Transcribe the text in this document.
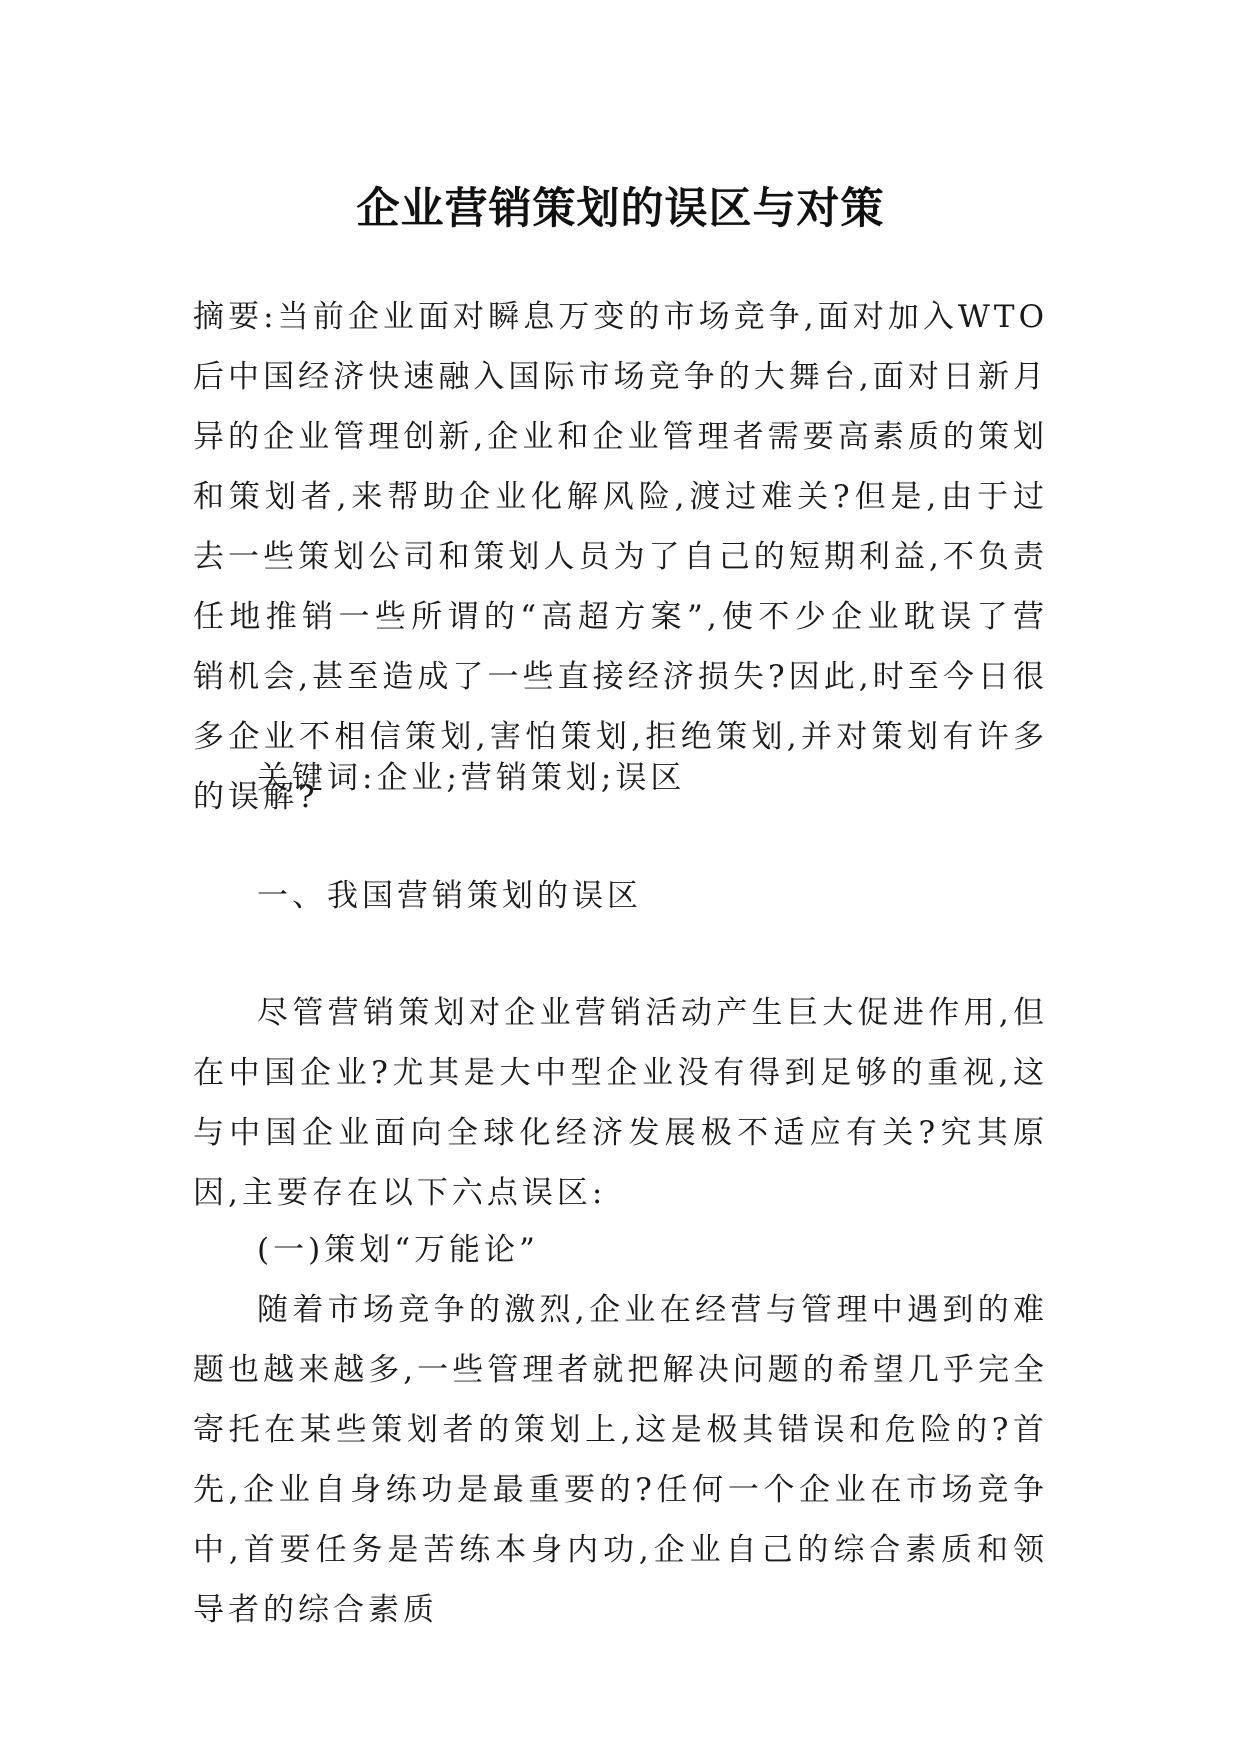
企业营销策划的误区与对策

摘要:当前企业面对瞬息万变的市场竞争,面对加入WTO后中国经济快速融入国际市场竞争的大舞台,面对日新月异的企业管理创新,企业和企业管理者需要高素质的策划和策划者,来帮助企业化解风险,渡过难关?但是,由于过去一些策划公司和策划人员为了自己的短期利益,不负责任地推销一些所谓的“高超方案”,使不少企业耽误了营销机会,甚至造成了一些直接经济损失?因此,时至今日很多企业不相信策划,害怕策划,拒绝策划,并对策划有许多的误解?

关键词:企业;营销策划;误区

一、我国营销策划的误区

尽管营销策划对企业营销活动产生巨大促进作用,但在中国企业?尤其是大中型企业没有得到足够的重视,这与中国企业面向全球化经济发展极不适应有关?究其原因,主要存在以下六点误区:

(一)策划“万能论”

随着市场竞争的激烈,企业在经营与管理中遇到的难题也越来越多,一些管理者就把解决问题的希望几乎完全寄托在某些策划者的策划上,这是极其错误和危险的?首先,企业自身练功是最重要的?任何一个企业在市场竞争中,首要任务是苦练本身内功,企业自己的综合素质和领导者的综合素质
